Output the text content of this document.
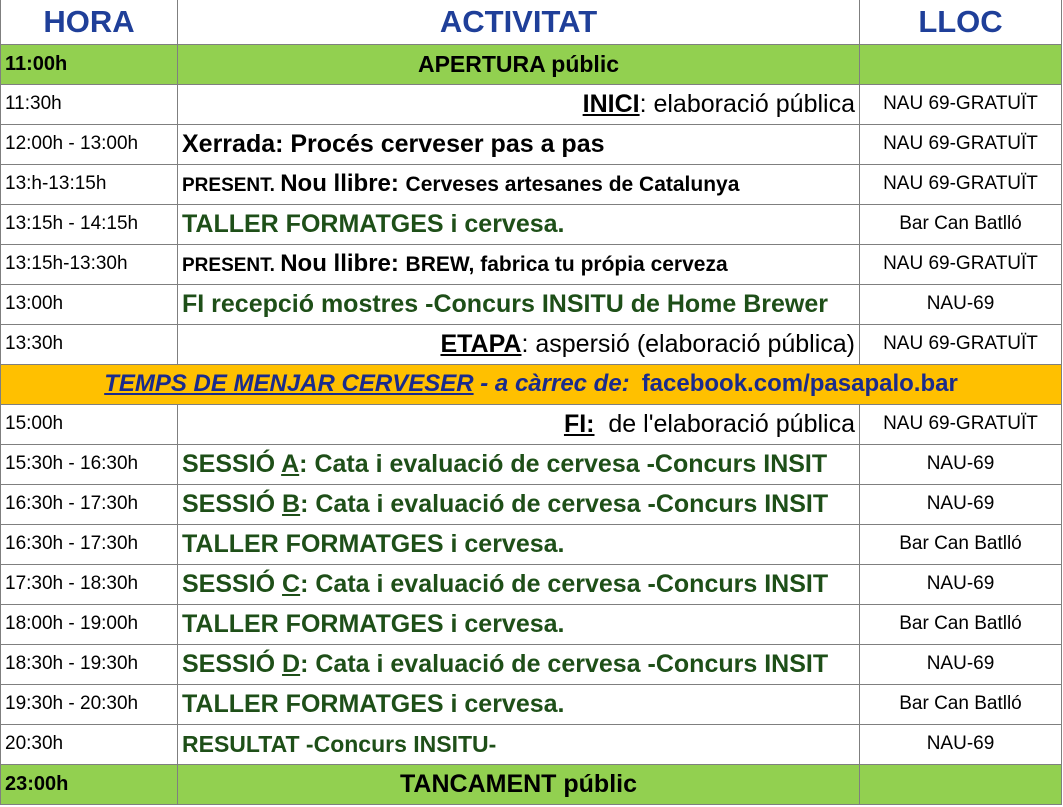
HORA	ACTIVITAT	LLOC
11:00h	APERTURA públic	
11:30h	INICI: elaboració pública	NAU 69-GRATUÏT
12:00h - 13:00h	Xerrada: Procés cerveser pas a pas	NAU 69-GRATUÏT
13:h-13:15h	PRESENT. Nou llibre: Cerveses artesanes de Catalunya	NAU 69-GRATUÏT
13:15h - 14:15h	TALLER FORMATGES i cervesa.	Bar Can Batlló
13:15h-13:30h	PRESENT. Nou llibre: BREW, fabrica tu própia cerveza	NAU 69-GRATUÏT
13:00h	FI recepció mostres -Concurs INSITU de Home Brewer	NAU-69
13:30h	ETAPA: aspersió (elaboració pública)	NAU 69-GRATUÏT
TEMPS DE MENJAR CERVESER - a càrrec de: facebook.com/pasapalo.bar		
15:00h	FI:  de l'elaboració pública	NAU 69-GRATUÏT
15:30h - 16:30h	SESSIÓ A: Cata i evaluació de cervesa -Concurs INSIT	NAU-69
16:30h - 17:30h	SESSIÓ B: Cata i evaluació de cervesa -Concurs INSIT	NAU-69
16:30h - 17:30h	TALLER FORMATGES i cervesa.	Bar Can Batlló
17:30h - 18:30h	SESSIÓ C: Cata i evaluació de cervesa -Concurs INSIT	NAU-69
18:00h - 19:00h	TALLER FORMATGES i cervesa.	Bar Can Batlló
18:30h - 19:30h	SESSIÓ D: Cata i evaluació de cervesa -Concurs INSIT	NAU-69
19:30h - 20:30h	TALLER FORMATGES i cervesa.	Bar Can Batlló
20:30h	RESULTAT -Concurs INSITU-	NAU-69
23:00h	TANCAMENT públic	
